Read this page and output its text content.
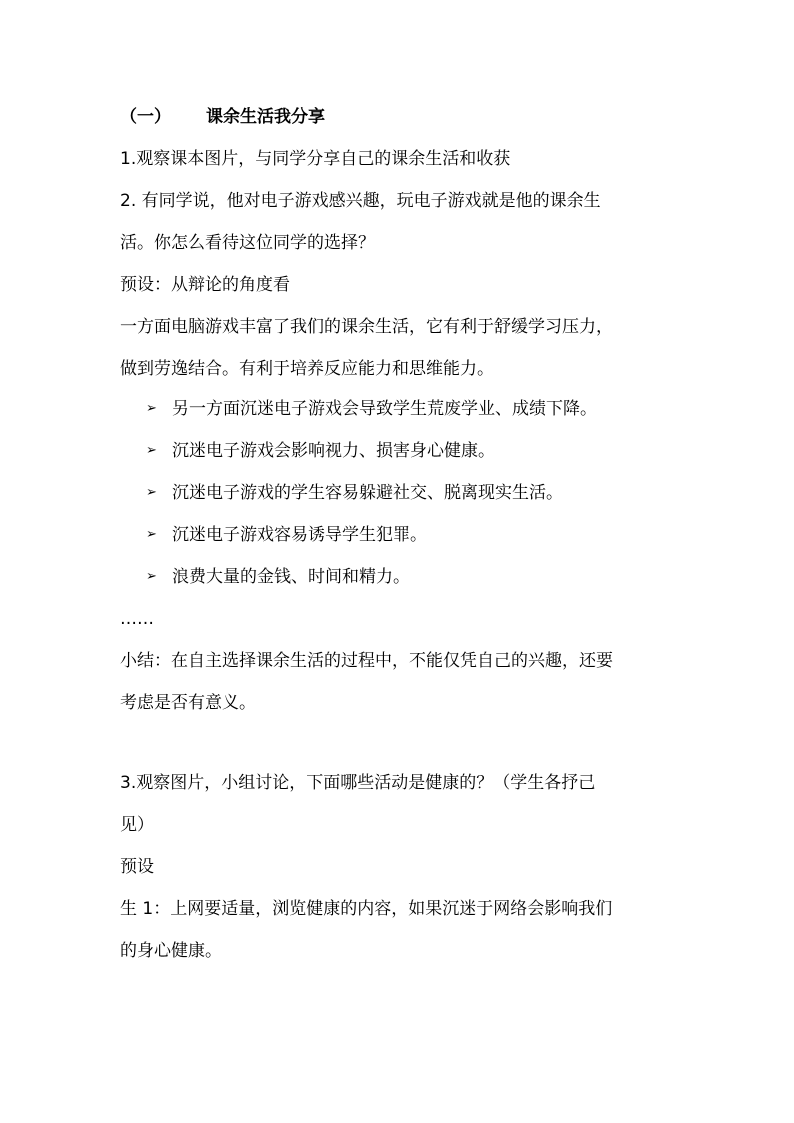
（一） 课余生活我分享
1.观察课本图片，与同学分享自己的课余生活和收获
2. 有同学说，他对电子游戏感兴趣，玩电子游戏就是他的课余生
活。你怎么看待这位同学的选择？
预设：从辩论的角度看
一方面电脑游戏丰富了我们的课余生活，它有利于舒缓学习压力，
做到劳逸结合。有利于培养反应能力和思维能力。
➢ 另一方面沉迷电子游戏会导致学生荒废学业、成绩下降。
➢ 沉迷电子游戏会影响视力、损害身心健康。
➢ 沉迷电子游戏的学生容易躲避社交、脱离现实生活。
➢ 沉迷电子游戏容易诱导学生犯罪。
➢ 浪费大量的金钱、时间和精力。
……
小结：在自主选择课余生活的过程中，不能仅凭自己的兴趣，还要
考虑是否有意义。
3.观察图片，小组讨论，下面哪些活动是健康的？（学生各抒己
见）
预设
生 1：上网要适量，浏览健康的内容，如果沉迷于网络会影响我们
的身心健康。
